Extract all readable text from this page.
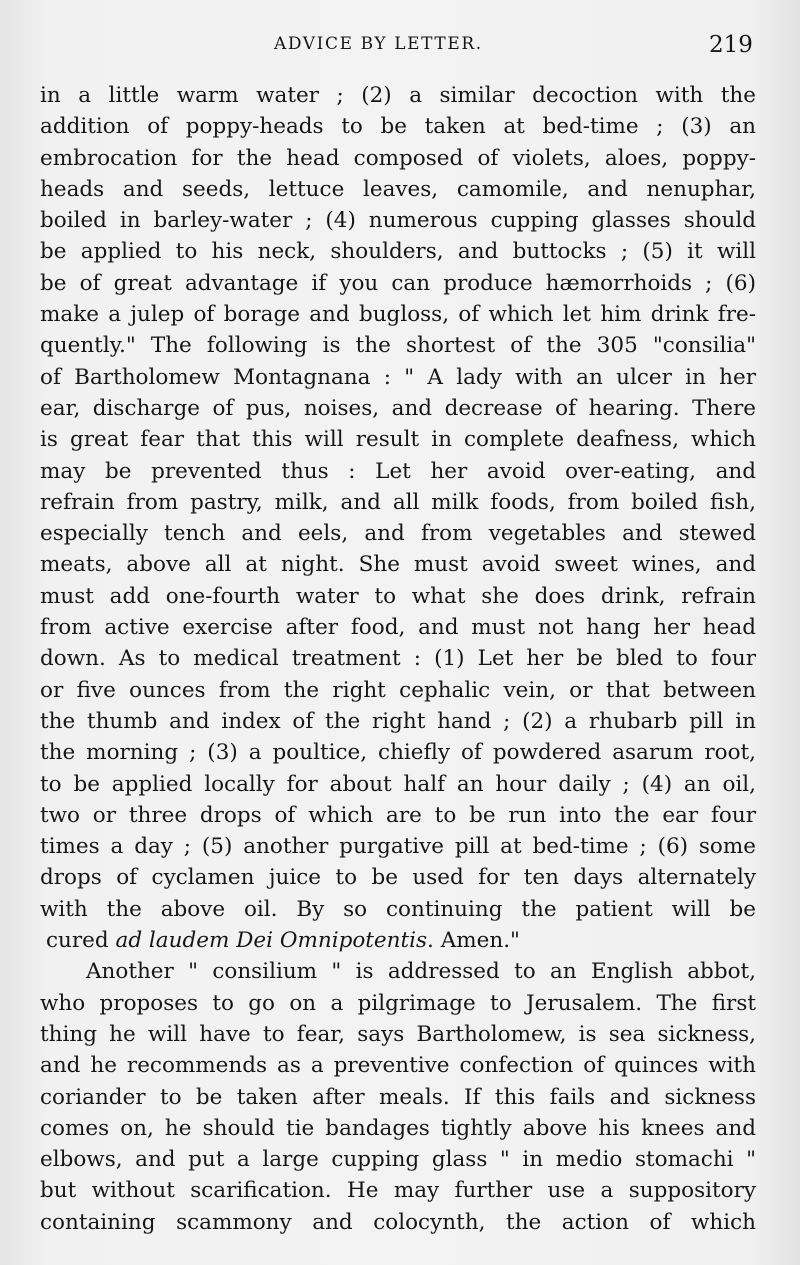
ADVICE BY LETTER.	219
in a little warm water ; (2) a similar decoction with the
addition of poppy-heads to be taken at bed-time ; (3) an
embrocation for the head composed of violets, aloes, poppy-
heads and seeds, lettuce leaves, camomile, and nenuphar,
boiled in barley-water ; (4) numerous cupping glasses should
be applied to his neck, shoulders, and buttocks ; (5) it will
be of great advantage if you can produce hæmorrhoids ; (6)
make a julep of borage and bugloss, of which let him drink fre-
quently." The following is the shortest of the 305 "consilia"
of Bartholomew Montagnana : " A lady with an ulcer in her
ear, discharge of pus, noises, and decrease of hearing. There
is great fear that this will result in complete deafness, which
may be prevented thus : Let her avoid over-eating, and
refrain from pastry, milk, and all milk foods, from boiled fish,
especially tench and eels, and from vegetables and stewed
meats, above all at night. She must avoid sweet wines, and
must add one-fourth water to what she does drink, refrain
from active exercise after food, and must not hang her head
down. As to medical treatment : (1) Let her be bled to four
or five ounces from the right cephalic vein, or that between
the thumb and index of the right hand ; (2) a rhubarb pill in
the morning ; (3) a poultice, chiefly of powdered asarum root,
to be applied locally for about half an hour daily ; (4) an oil,
two or three drops of which are to be run into the ear four
times a day ; (5) another purgative pill at bed-time ; (6) some
drops of cyclamen juice to be used for ten days alternately
with the above oil. By so continuing the patient will be
cured ad laudem Dei Omnipotentis. Amen."
Another " consilium " is addressed to an English abbot,
who proposes to go on a pilgrimage to Jerusalem. The first
thing he will have to fear, says Bartholomew, is sea sickness,
and he recommends as a preventive confection of quinces with
coriander to be taken after meals. If this fails and sickness
comes on, he should tie bandages tightly above his knees and
elbows, and put a large cupping glass " in medio stomachi "
but without scarification. He may further use a suppository
containing scammony and colocynth, the action of which
